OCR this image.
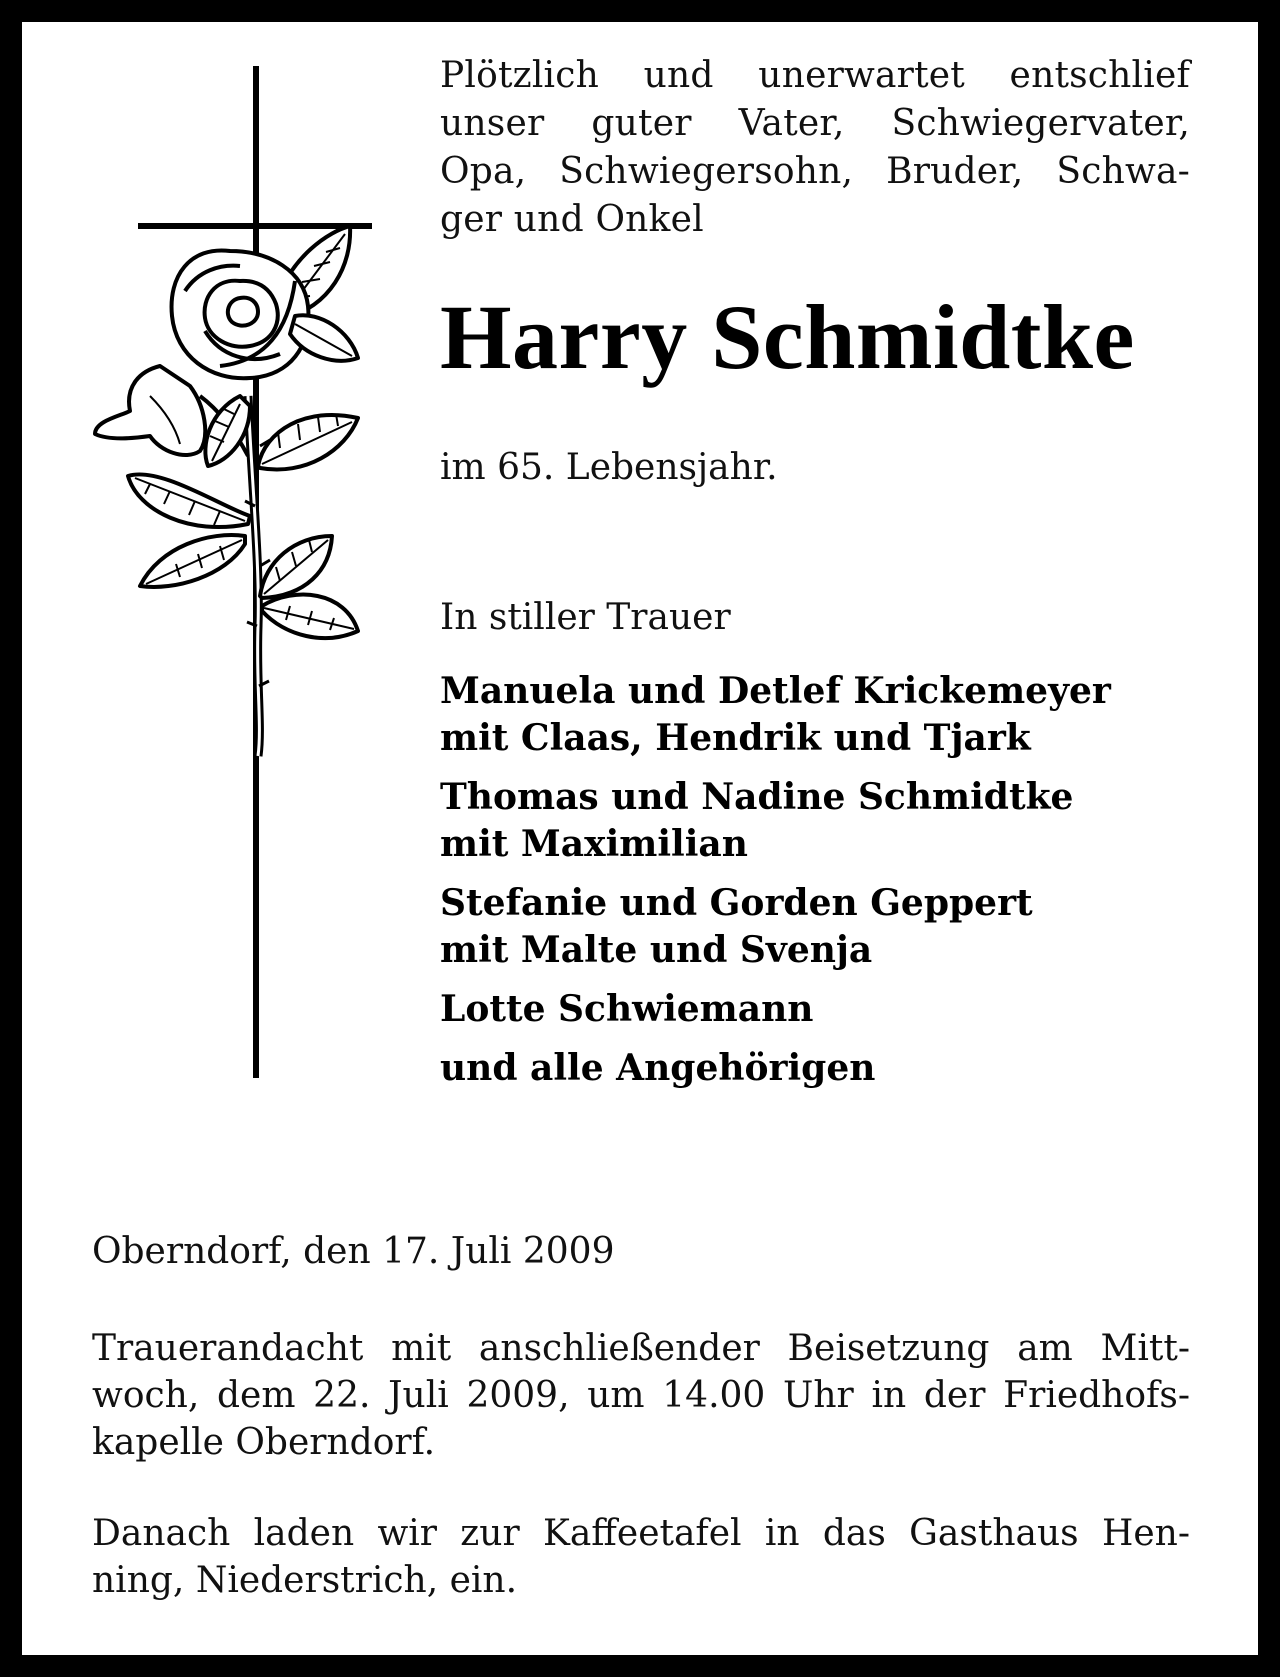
Plötzlich und unerwartet entschlief
unser guter Vater, Schwiegervater,
Opa, Schwiegersohn, Bruder, Schwa-
ger und Onkel
Harry Schmidtke
im 65. Lebensjahr.
In stiller Trauer
Manuela und Detlef Krickemeyer
mit Claas, Hendrik und Tjark
Thomas und Nadine Schmidtke
mit Maximilian
Stefanie und Gorden Geppert
mit Malte und Svenja
Lotte Schwiemann
und alle Angehörigen
Oberndorf, den 17. Juli 2009
Trauerandacht mit anschließender Beisetzung am Mitt-
woch, dem 22. Juli 2009, um 14.00 Uhr in der Friedhofs-
kapelle Oberndorf.
Danach laden wir zur Kaffeetafel in das Gasthaus Hen-
ning, Niederstrich, ein.
